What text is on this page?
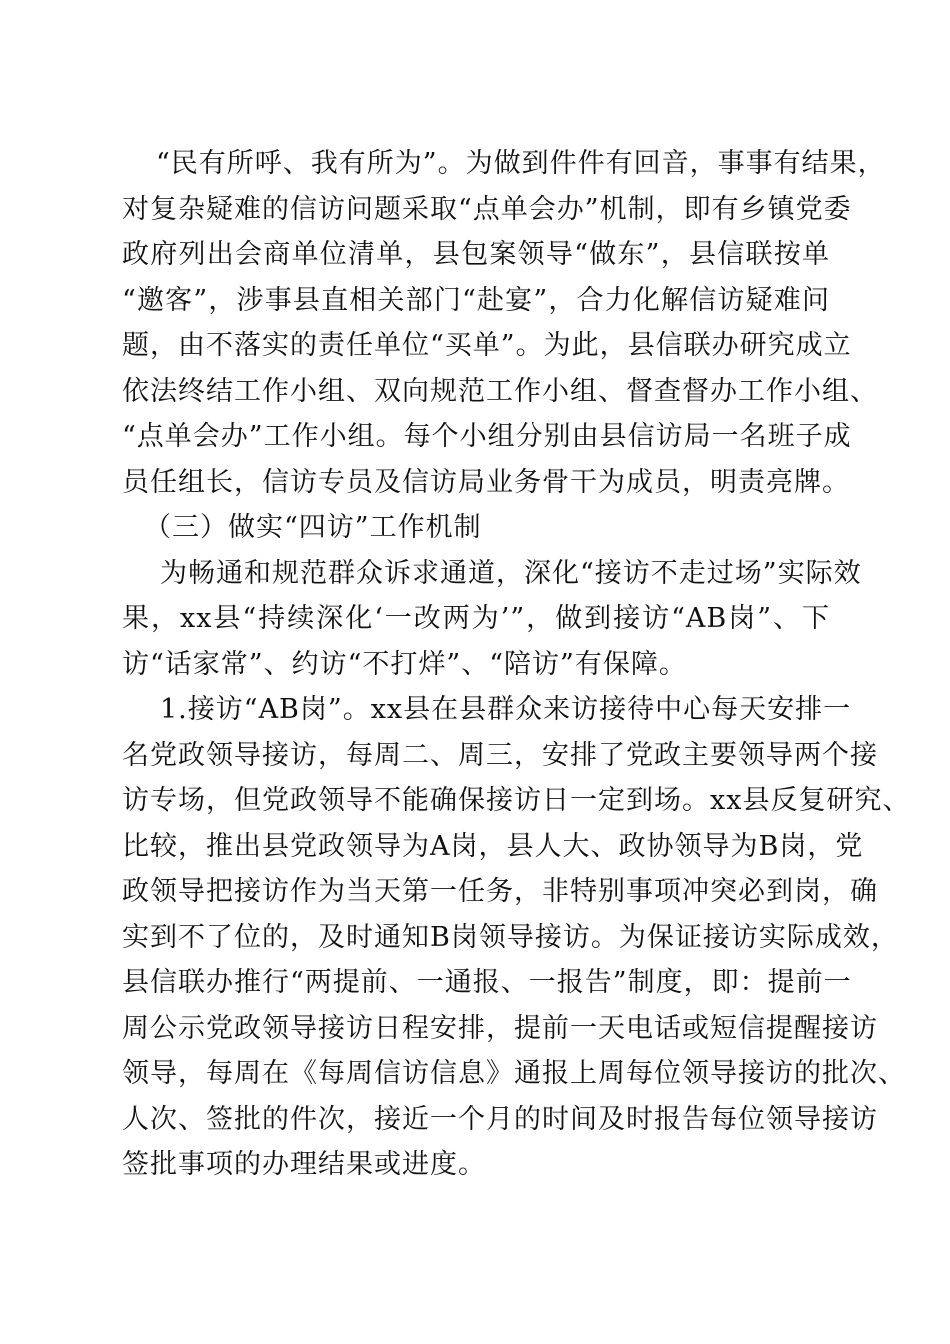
“民有所呼、我有所为”。为做到件件有回音，事事有结果，
对复杂疑难的信访问题采取“点单会办”机制，即有乡镇党委
政府列出会商单位清单，县包案领导“做东”，县信联按单
“邀客”，涉事县直相关部门“赴宴”，合力化解信访疑难问
题，由不落实的责任单位“买单”。为此，县信联办研究成立
依法终结工作小组、双向规范工作小组、督查督办工作小组、
“点单会办”工作小组。每个小组分别由县信访局一名班子成
员任组长，信访专员及信访局业务骨干为成员，明责亮牌。
（三）做实“四访”工作机制
为畅通和规范群众诉求通道，深化“接访不走过场”实际效
果，xx县“持续深化‘一改两为’”，做到接访“AB岗”、下
访“话家常”、约访“不打烊”、“陪访”有保障。
1.接访“AB岗”。xx县在县群众来访接待中心每天安排一
名党政领导接访，每周二、周三，安排了党政主要领导两个接
访专场，但党政领导不能确保接访日一定到场。xx县反复研究、
比较，推出县党政领导为A岗，县人大、政协领导为B岗，党
政领导把接访作为当天第一任务，非特别事项冲突必到岗，确
实到不了位的，及时通知B岗领导接访。为保证接访实际成效，
县信联办推行“两提前、一通报、一报告”制度，即：提前一
周公示党政领导接访日程安排，提前一天电话或短信提醒接访
领导，每周在《每周信访信息》通报上周每位领导接访的批次、
人次、签批的件次，接近一个月的时间及时报告每位领导接访
签批事项的办理结果或进度。
